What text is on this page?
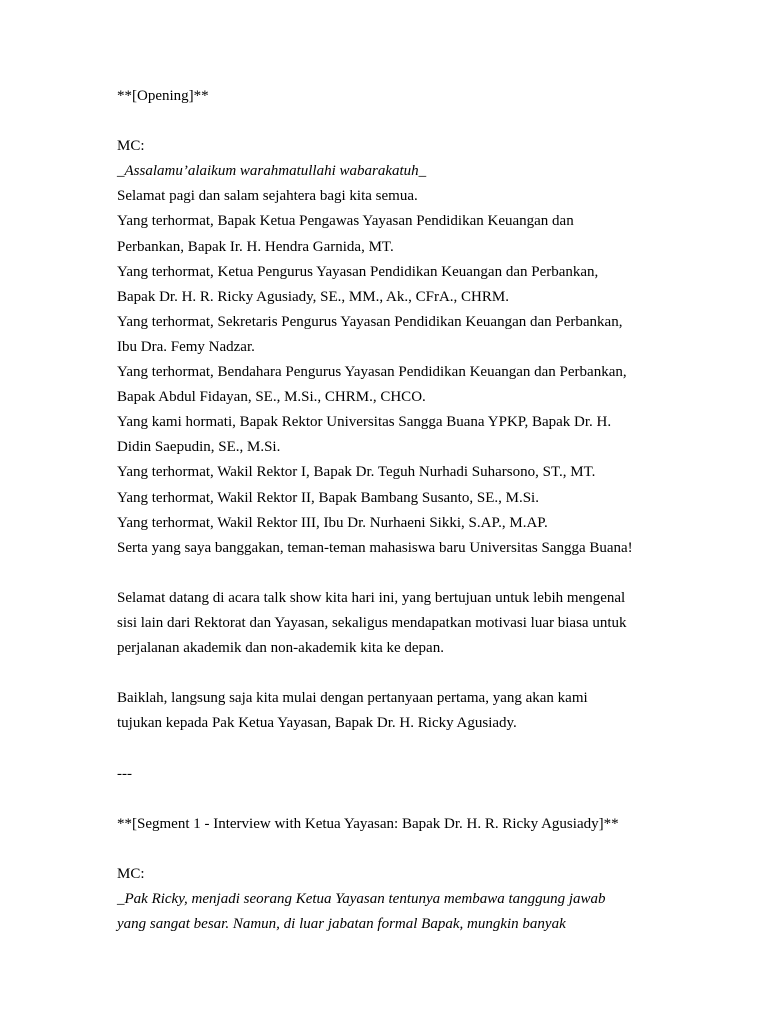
**[Opening]**
MC:
_Assalamu’alaikum warahmatullahi wabarakatuh_
Selamat pagi dan salam sejahtera bagi kita semua.
Yang terhormat, Bapak Ketua Pengawas Yayasan Pendidikan Keuangan dan
Perbankan, Bapak Ir. H. Hendra Garnida, MT.
Yang terhormat, Ketua Pengurus Yayasan Pendidikan Keuangan dan Perbankan,
Bapak Dr. H. R. Ricky Agusiady, SE., MM., Ak., CFrA., CHRM.
Yang terhormat, Sekretaris Pengurus Yayasan Pendidikan Keuangan dan Perbankan,
Ibu Dra. Femy Nadzar.
Yang terhormat, Bendahara Pengurus Yayasan Pendidikan Keuangan dan Perbankan,
Bapak Abdul Fidayan, SE., M.Si., CHRM., CHCO.
Yang kami hormati, Bapak Rektor Universitas Sangga Buana YPKP, Bapak Dr. H.
Didin Saepudin, SE., M.Si.
Yang terhormat, Wakil Rektor I, Bapak Dr. Teguh Nurhadi Suharsono, ST., MT.
Yang terhormat, Wakil Rektor II, Bapak Bambang Susanto, SE., M.Si.
Yang terhormat, Wakil Rektor III, Ibu Dr. Nurhaeni Sikki, S.AP., M.AP.
Serta yang saya banggakan, teman-teman mahasiswa baru Universitas Sangga Buana!
Selamat datang di acara talk show kita hari ini, yang bertujuan untuk lebih mengenal
sisi lain dari Rektorat dan Yayasan, sekaligus mendapatkan motivasi luar biasa untuk
perjalanan akademik dan non-akademik kita ke depan.
Baiklah, langsung saja kita mulai dengan pertanyaan pertama, yang akan kami
tujukan kepada Pak Ketua Yayasan, Bapak Dr. H. Ricky Agusiady.
---
**[Segment 1 - Interview with Ketua Yayasan: Bapak Dr. H. R. Ricky Agusiady]**
MC:
_Pak Ricky, menjadi seorang Ketua Yayasan tentunya membawa tanggung jawab
yang sangat besar. Namun, di luar jabatan formal Bapak, mungkin banyak
